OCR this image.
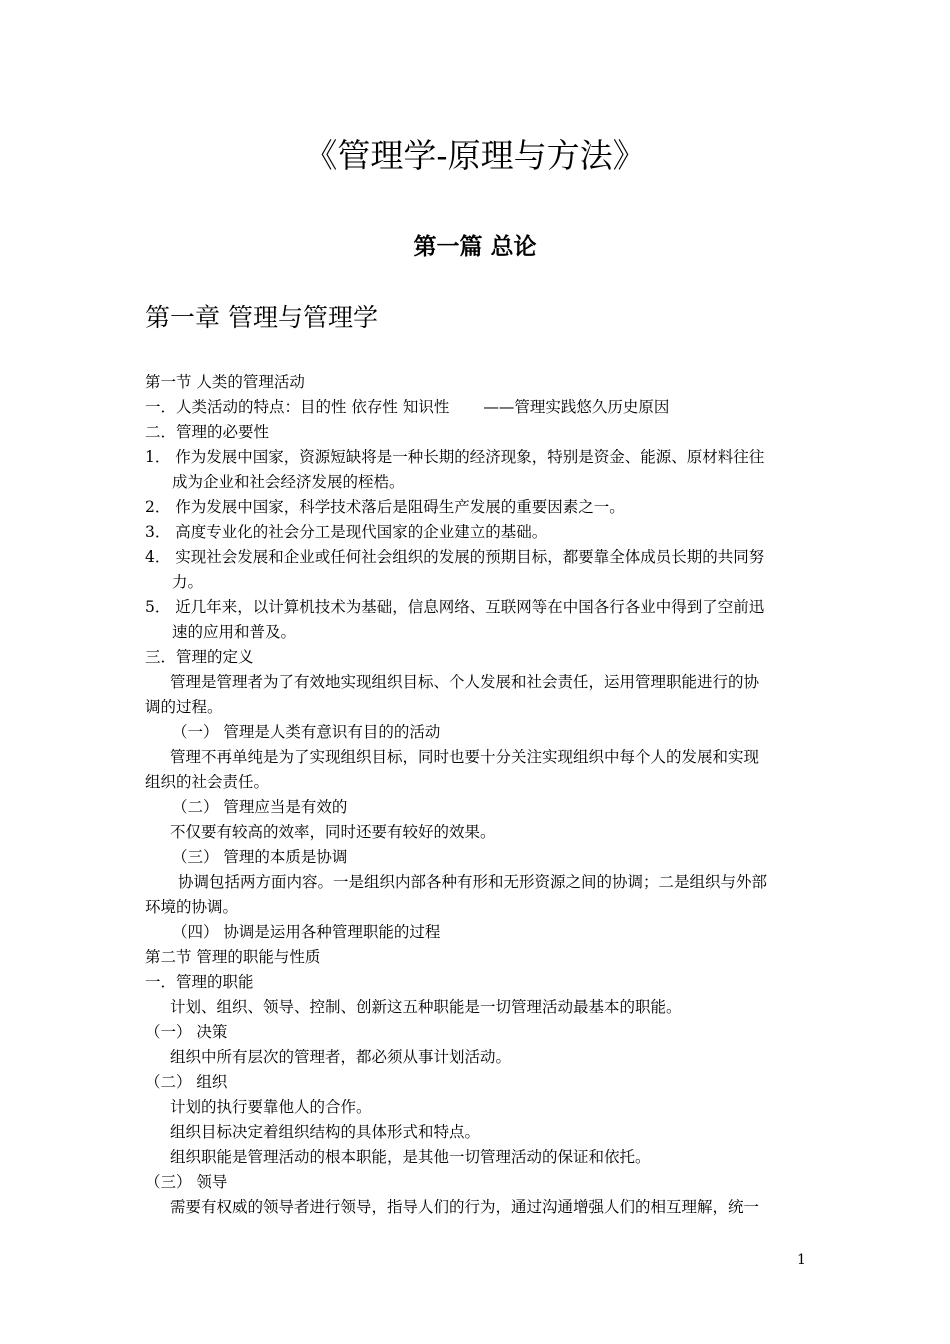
《管理学-原理与方法》
第一篇 总论
第一章 管理与管理学
第一节 人类的管理活动
一．人类活动的特点：目的性 依存性 知识性 ——管理实践悠久历史原因
二．管理的必要性
1． 作为发展中国家，资源短缺将是一种长期的经济现象，特别是资金、能源、原材料往往
成为企业和社会经济发展的桎梏。
2． 作为发展中国家，科学技术落后是阻碍生产发展的重要因素之一。
3． 高度专业化的社会分工是现代国家的企业建立的基础。
4． 实现社会发展和企业或任何社会组织的发展的预期目标，都要靠全体成员长期的共同努
力。
5． 近几年来，以计算机技术为基础，信息网络、互联网等在中国各行各业中得到了空前迅
速的应用和普及。
三．管理的定义
管理是管理者为了有效地实现组织目标、个人发展和社会责任，运用管理职能进行的协
调的过程。
（一） 管理是人类有意识有目的的活动
管理不再单纯是为了实现组织目标，同时也要十分关注实现组织中每个人的发展和实现
组织的社会责任。
（二） 管理应当是有效的
不仅要有较高的效率，同时还要有较好的效果。
（三） 管理的本质是协调
协调包括两方面内容。一是组织内部各种有形和无形资源之间的协调；二是组织与外部
环境的协调。
（四） 协调是运用各种管理职能的过程
第二节 管理的职能与性质
一．管理的职能
计划、组织、领导、控制、创新这五种职能是一切管理活动最基本的职能。
（一） 决策
组织中所有层次的管理者，都必须从事计划活动。
（二） 组织
计划的执行要靠他人的合作。
组织目标决定着组织结构的具体形式和特点。
组织职能是管理活动的根本职能，是其他一切管理活动的保证和依托。
（三） 领导
需要有权威的领导者进行领导，指导人们的行为，通过沟通增强人们的相互理解，统一
1
